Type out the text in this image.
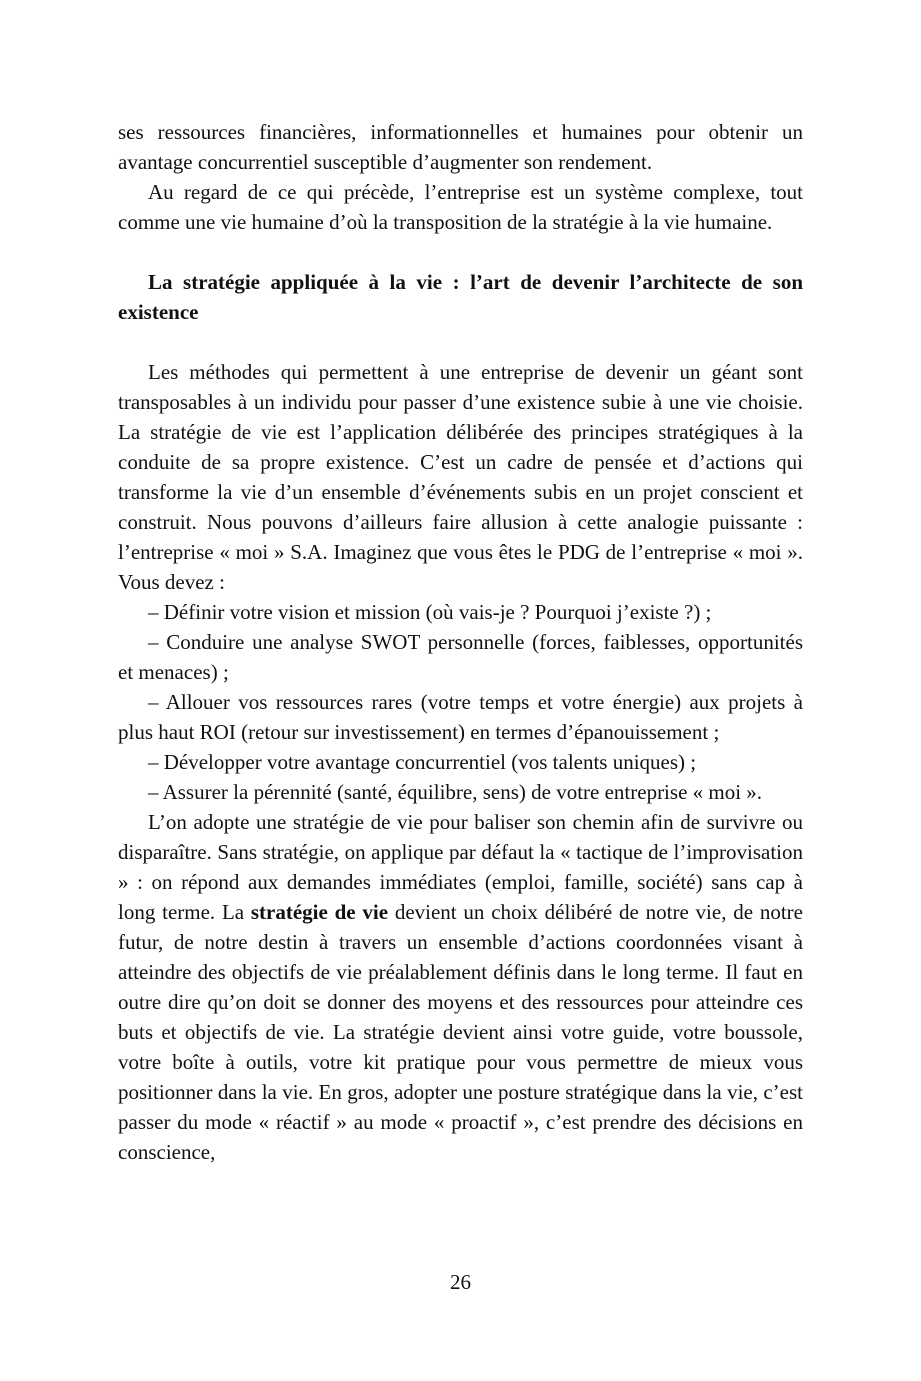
ses ressources financières, informationnelles et humaines pour obtenir un avantage concurrentiel susceptible d’augmenter son rendement.

Au regard de ce qui précède, l’entreprise est un système complexe, tout comme une vie humaine d’où la transposition de la stratégie à la vie humaine.

La stratégie appliquée à la vie : l’art de devenir l’architecte de son existence

Les méthodes qui permettent à une entreprise de devenir un géant sont transposables à un individu pour passer d’une existence subie à une vie choisie. La stratégie de vie est l’application délibérée des principes stratégiques à la conduite de sa propre existence. C’est un cadre de pensée et d’actions qui transforme la vie d’un ensemble d’événements subis en un projet conscient et construit. Nous pouvons d’ailleurs faire allusion à cette analogie puissante : l’entreprise « moi » S.A. Imaginez que vous êtes le PDG de l’entreprise « moi ». Vous devez :

– Définir votre vision et mission (où vais-je ? Pourquoi j’existe ?) ;

– Conduire une analyse SWOT personnelle (forces, faiblesses, opportunités et menaces) ;

– Allouer vos ressources rares (votre temps et votre énergie) aux projets à plus haut ROI (retour sur investissement) en termes d’épanouissement ;

– Développer votre avantage concurrentiel (vos talents uniques) ;

– Assurer la pérennité (santé, équilibre, sens) de votre entreprise « moi ».

L’on adopte une stratégie de vie pour baliser son chemin afin de survivre ou disparaître. Sans stratégie, on applique par défaut la « tactique de l’improvisation » : on répond aux demandes immédiates (emploi, famille, société) sans cap à long terme. La stratégie de vie devient un choix délibéré de notre vie, de notre futur, de notre destin à travers un ensemble d’actions coordonnées visant à atteindre des objectifs de vie préalablement définis dans le long terme. Il faut en outre dire qu’on doit se donner des moyens et des ressources pour atteindre ces buts et objectifs de vie. La stratégie devient ainsi votre guide, votre boussole, votre boîte à outils, votre kit pratique pour vous permettre de mieux vous positionner dans la vie. En gros, adopter une posture stratégique dans la vie, c’est passer du mode « réactif » au mode « proactif », c’est prendre des décisions en conscience,

26
